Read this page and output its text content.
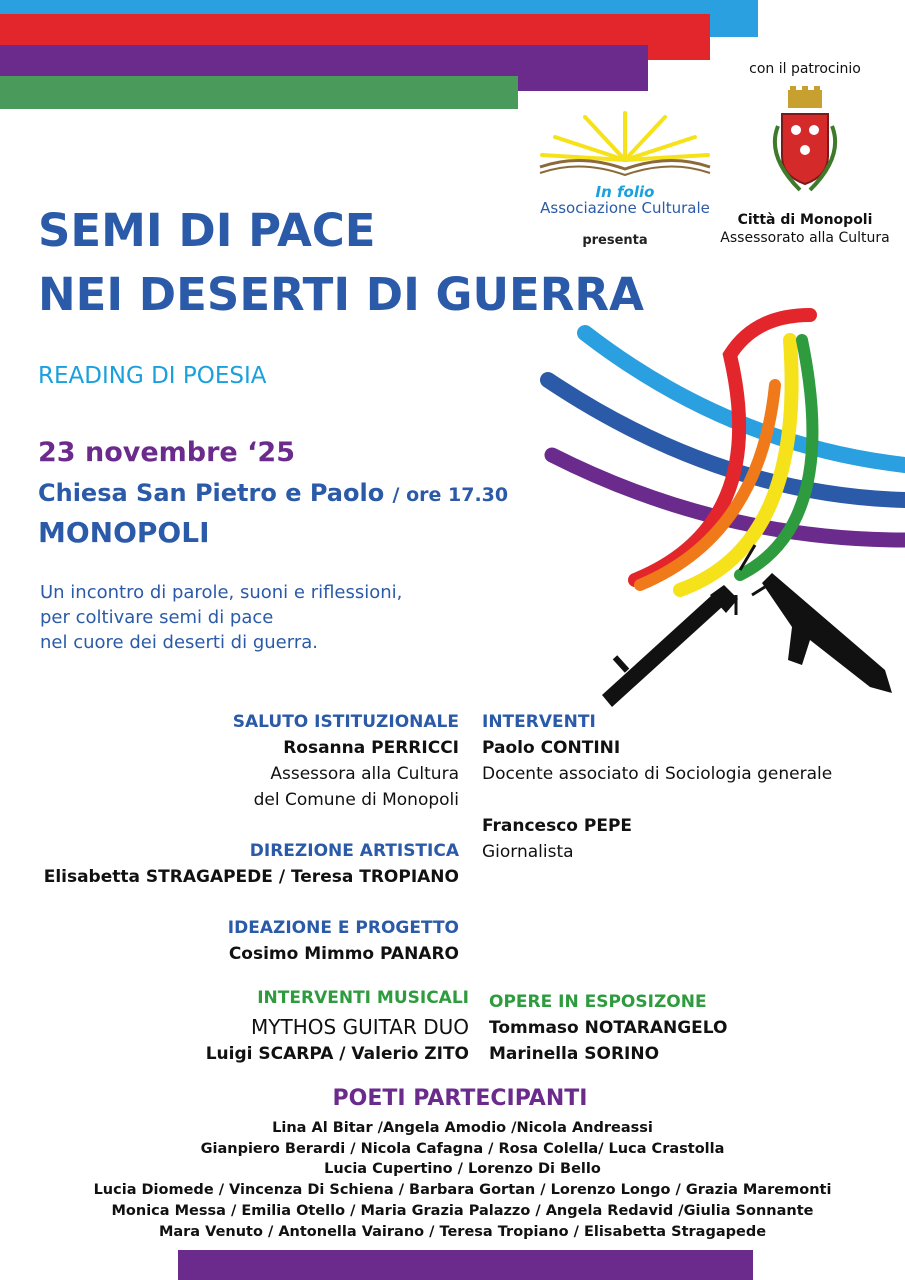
In folio
Associazione Culturale
presenta
con il patrocinio
Città di Monopoli
Assessorato alla Cultura
SEMI DI PACE
NEI DESERTI DI GUERRA
READING DI POESIA
23 novembre ‘25
Chiesa San Pietro e Paolo / ore 17.30
MONOPOLI
Un incontro di parole, suoni e riflessioni,
per coltivare semi di pace
nel cuore dei deserti di guerra.
SALUTO ISTITUZIONALE
Rosanna PERRICCI
Assessora alla Cultura
del Comune di Monopoli
INTERVENTI
Paolo CONTINI
Docente associato di Sociologia generale
Francesco PEPE
Giornalista
DIREZIONE ARTISTICA
Elisabetta STRAGAPEDE / Teresa TROPIANO
IDEAZIONE E PROGETTO
Cosimo Mimmo PANARO
INTERVENTI MUSICALI
MYTHOS GUITAR DUO
Luigi SCARPA / Valerio ZITO
OPERE IN ESPOSIZONE
Tommaso NOTARANGELO
Marinella SORINO
POETI PARTECIPANTI
Lina Al Bitar /Angela Amodio /Nicola Andreassi
Gianpiero Berardi / Nicola Cafagna / Rosa Colella/ Luca Crastolla
Lucia Cupertino / Lorenzo Di Bello
Lucia Diomede / Vincenza Di Schiena / Barbara Gortan / Lorenzo Longo / Grazia Maremonti
Monica Messa / Emilia Otello / Maria Grazia Palazzo / Angela Redavid /Giulia Sonnante
Mara Venuto / Antonella Vairano / Teresa Tropiano / Elisabetta Stragapede
